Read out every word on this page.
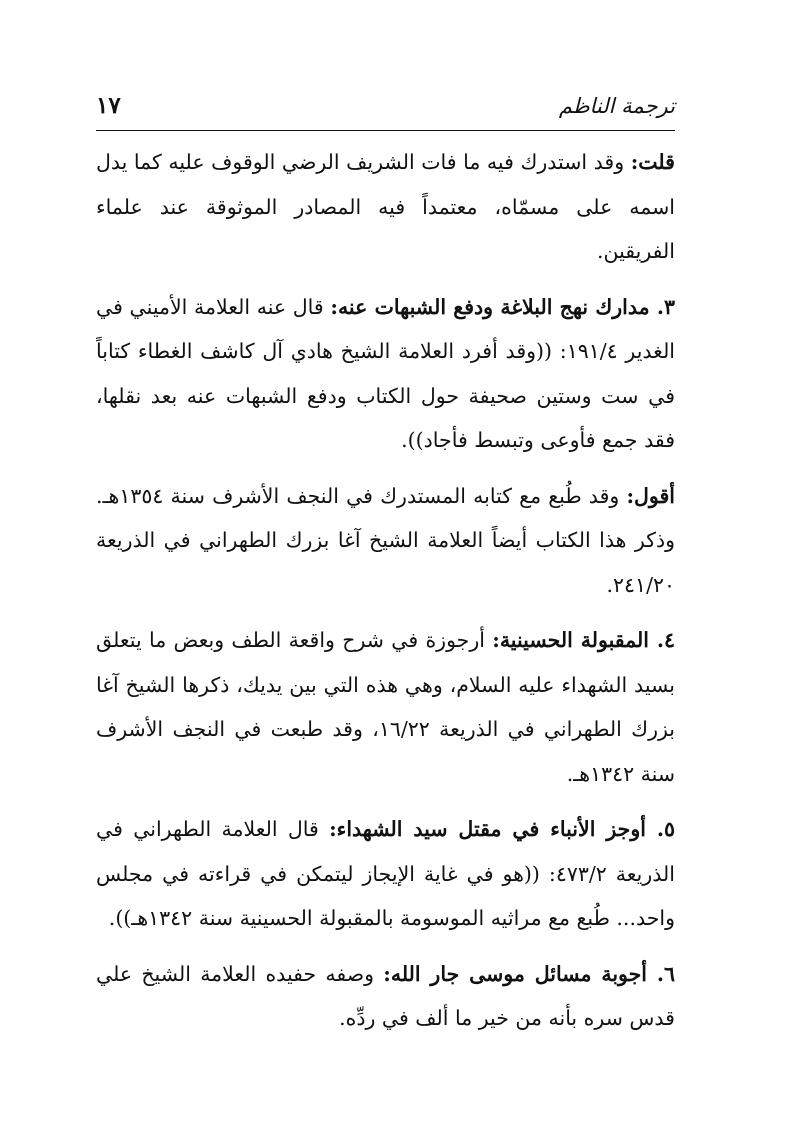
ترجمة الناظم
١٧

قلت: وقد استدرك فيه ما فات الشريف الرضي الوقوف عليه كما يدل اسمه على مسمّاه، معتمداً فيه المصادر الموثوقة عند علماء الفريقين.

٣. مدارك نهج البلاغة ودفع الشبهات عنه: قال عنه العلامة الأميني في الغدير ١٩١/٤: ((وقد أفرد العلامة الشيخ هادي آل كاشف الغطاء كتاباً في ست وستين صحيفة حول الكتاب ودفع الشبهات عنه بعد نقلها، فقد جمع فأوعى وتبسط فأجاد)).

أقول: وقد طُبع مع كتابه المستدرك في النجف الأشرف سنة ١٣٥٤هـ. وذكر هذا الكتاب أيضاً العلامة الشيخ آغا بزرك الطهراني في الذريعة ٢٤١/٢٠.

٤. المقبولة الحسينية: أرجوزة في شرح واقعة الطف وبعض ما يتعلق بسيد الشهداء عليه السلام، وهي هذه التي بين يديك، ذكرها الشيخ آغا بزرك الطهراني في الذريعة ١٦/٢٢، وقد طبعت في النجف الأشرف سنة ١٣٤٢هـ.

٥. أوجز الأنباء في مقتل سيد الشهداء: قال العلامة الطهراني في الذريعة ٤٧٣/٢: ((هو في غاية الإيجاز ليتمكن في قراءته في مجلس واحد... طُبع مع مراثيه الموسومة بالمقبولة الحسينية سنة ١٣٤٢هـ)).

٦. أجوبة مسائل موسى جار الله: وصفه حفيده العلامة الشيخ علي قدس سره بأنه من خير ما ألف في ردِّه.
